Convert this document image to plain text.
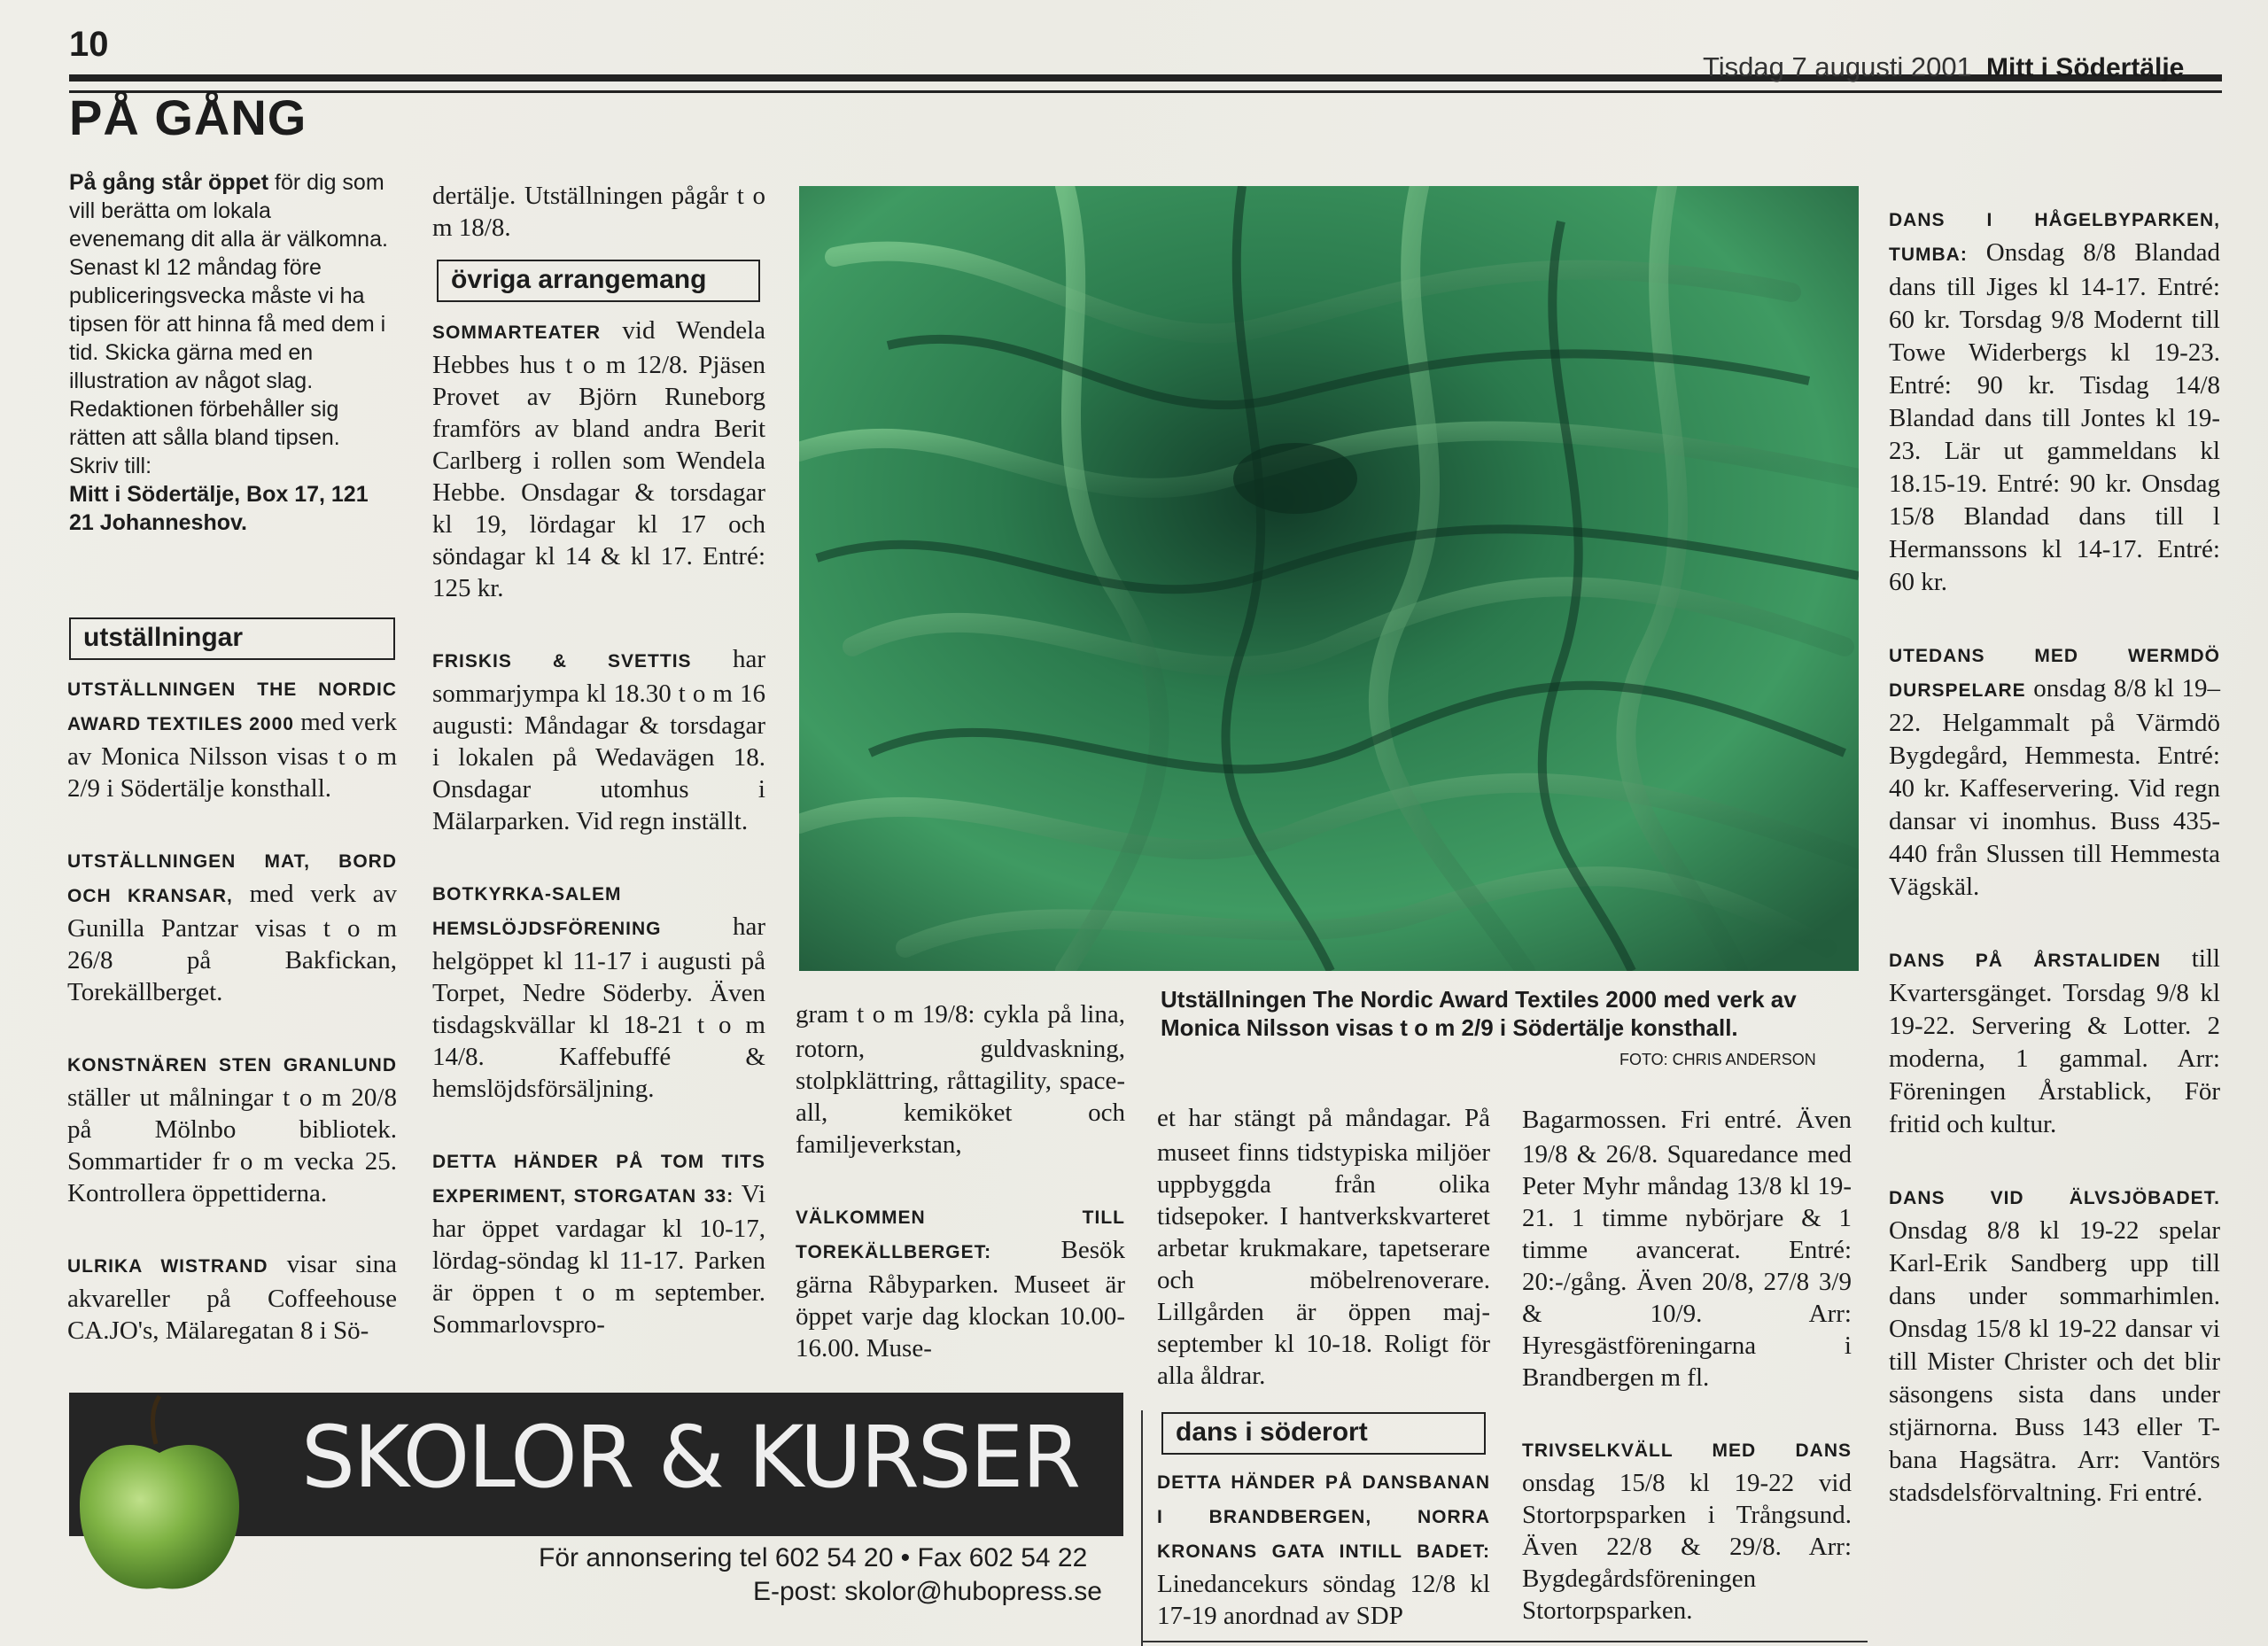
10
Tisdag 7 augusti 2001 Mitt i Södertälje
PÅ GÅNG
På gång står öppet för dig som vill berätta om lokala evenemang dit alla är välkomna. Senast kl 12 måndag före publiceringsvecka måste vi ha tipsen för att hinna få med dem i tid. Skicka gärna med en illustration av något slag. Redaktionen förbehåller sig rätten att sålla bland tipsen. Skriv till:
Mitt i Södertälje, Box 17, 121 21 Johanneshov.
utställningar
UTSTÄLLNINGEN THE NORDIC AWARD TEXTILES 2000 med verk av Monica Nilsson visas t o m 2/9 i Södertälje konsthall.
UTSTÄLLNINGEN MAT, BORD OCH KRANSAR, med verk av Gunilla Pantzar visas t o m 26/8 på Bakfickan, Torekällberget.
KONSTNÄREN STEN GRANLUND ställer ut målningar t o m 20/8 på Mölnbo bibliotek. Sommartider fr o m vecka 25. Kontrollera öppettiderna.
ULRIKA WISTRAND visar sina akvareller på Coffeehouse CA.JO's, Mälaregatan 8 i Sö-
dertälje. Utställningen pågår t o m 18/8.
övriga arrangemang
SOMMARTEATER vid Wendela Hebbes hus t o m 12/8. Pjäsen Provet av Björn Runeborg framförs av bland andra Berit Carlberg i rollen som Wendela Hebbe. Onsdagar & torsdagar kl 19, lördagar kl 17 och söndagar kl 14 & kl 17. Entré: 125 kr.
FRISKIS & SVETTIS har sommarjympa kl 18.30 t o m 16 augusti: Måndagar & torsdagar i lokalen på Wedavägen 18. Onsdagar utomhus i Mälarparken. Vid regn inställt.
BOTKYRKA-SALEM HEMSLÖJDSFÖRENING har helgöppet kl 11-17 i augusti på Torpet, Nedre Söderby. Även tisdagskvällar kl 18-21 t o m 14/8. Kaffebuffé & hemslöjdsförsäljning.
DETTA HÄNDER PÅ TOM TITS EXPERIMENT, STORGATAN 33: Vi har öppet vardagar kl 10-17, lördag-söndag kl 11-17. Parken är öppen t o m september. Sommarlovspro-
Utställningen The Nordic Award Textiles 2000 med verk av Monica Nilsson visas t o m 2/9 i Södertälje konsthall.
FOTO: CHRIS ANDERSON
gram t o m 19/8: cykla på lina, rotorn, guldvaskning, stolpklättring, råttagility, space-all, kemiköket och familjeverkstan,
VÄLKOMMEN TILL TOREKÄLLBERGET: Besök gärna Råbyparken. Museet är öppet varje dag klockan 10.00-16.00. Muse-
et har stängt på måndagar. På museet finns tidstypiska miljöer uppbyggda från olika tidsepoker. I hantverkskvarteret arbetar krukmakare, tapetserare och möbelrenoverare. Lillgården är öppen maj-september kl 10-18. Roligt för alla åldrar.
dans i söderort
DETTA HÄNDER PÅ DANSBANAN I BRANDBERGEN, NORRA KRONANS GATA INTILL BADET: Linedancekurs söndag 12/8 kl 17-19 anordnad av SDP
Bagarmossen. Fri entré. Även 19/8 & 26/8. Squaredance med Peter Myhr måndag 13/8 kl 19-21. 1 timme nybörjare & 1 timme avancerat. Entré: 20:-/gång. Även 20/8, 27/8 3/9 & 10/9. Arr: Hyresgästföreningarna i Brandbergen m fl.
TRIVSELKVÄLL MED DANS onsdag 15/8 kl 19-22 vid Stortorpsparken i Trångsund. Även 22/8 & 29/8. Arr: Bygdegårdsföreningen Stortorpsparken.
DANS I HÅGELBYPARKEN, TUMBA: Onsdag 8/8 Blandad dans till Jiges kl 14-17. Entré: 60 kr. Torsdag 9/8 Modernt till Towe Widerbergs kl 19-23. Entré: 90 kr. Tisdag 14/8 Blandad dans till Jontes kl 19-23. Lär ut gammeldans kl 18.15-19. Entré: 90 kr. Onsdag 15/8 Blandad dans till l Hermanssons kl 14-17. Entré: 60 kr.
UTEDANS MED WERMDÖ DURSPELARE onsdag 8/8 kl 19–22. Helgammalt på Värmdö Bygdegård, Hemmesta. Entré: 40 kr. Kaffeservering. Vid regn dansar vi inomhus. Buss 435-440 från Slussen till Hemmesta Vägskäl.
DANS PÅ ÅRSTALIDEN till Kvartersgänget. Torsdag 9/8 kl 19-22. Servering & Lotter. 2 moderna, 1 gammal. Arr: Föreningen Årstablick, För fritid och kultur.
DANS VID ÄLVSJÖBADET. Onsdag 8/8 kl 19-22 spelar Karl-Erik Sandberg upp till dans under sommarhimlen. Onsdag 15/8 kl 19-22 dansar vi till Mister Christer och det blir säsongens sista dans under stjärnorna. Buss 143 eller T-bana Hagsätra. Arr: Vantörs stadsdelsförvaltning. Fri entré.
SKOLOR & KURSER
För annonsering tel 602 54 20 • Fax 602 54 22
E-post: skolor@hubopress.se
